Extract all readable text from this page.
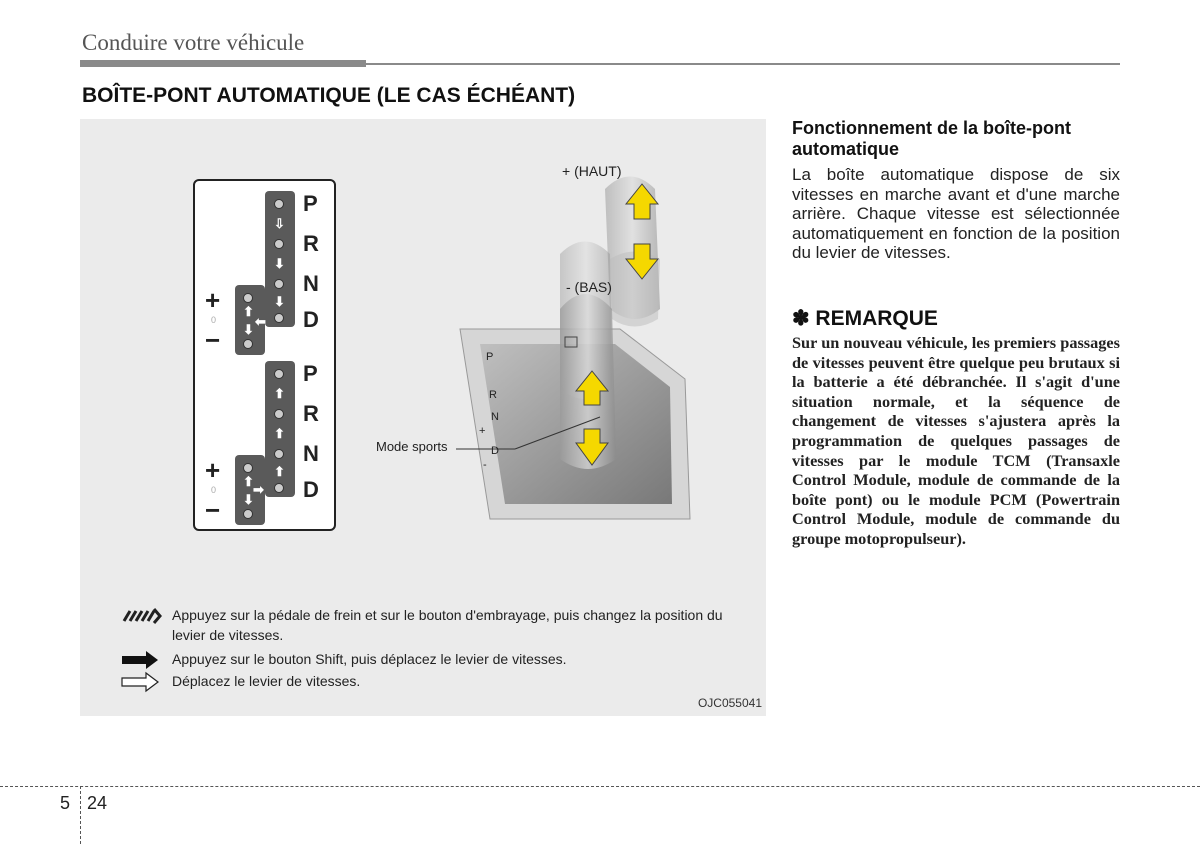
Conduire votre véhicule
BOÎTE-PONT AUTOMATIQUE (LE CAS ÉCHÉANT)
⇩
⬇
⬇
⬆
⬇
⬅
P
R
N
D
+
0
−
⬆
⬆
⬆
⬆
⬇
➡
P
R
N
D
+
0
−
P
R
N
D
+
-
+ (HAUT)
- (BAS)
Mode sports
Appuyez sur la pédale de frein et sur le bouton d'embrayage, puis changez la position du levier de vitesses.
Appuyez sur le bouton Shift, puis déplacez le levier de vitesses.
Déplacez le levier de vitesses.
OJC055041

Fonctionnement de la boîte-pont automatique

La boîte automatique dispose de six vitesses en marche avant et d'une marche arrière. Chaque vitesse est sélectionnée automatiquement en fonction de la position du levier de vitesses.

✽ REMARQUE

Sur un nouveau véhicule, les premiers passages de vitesses peuvent être quelque peu brutaux si la batterie a été débranchée. Il s'agit d'une situation normale, et la séquence de changement de vitesses s'ajustera après la programmation de quelques passages de vitesses par le module TCM (Transaxle Control Module, module de commande de la boîte pont) ou le module PCM (Powertrain Control Module, module de commande du groupe motopropulseur).

5 24
